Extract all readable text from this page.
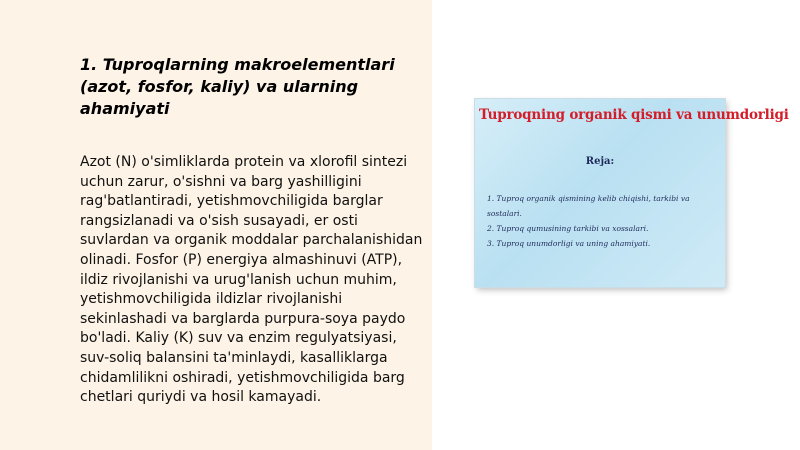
1. Tuproqlarning makroelementlari (azot, fosfor, kaliy) va ularning ahamiyati

Azot (N) o'simliklarda protein va xlorofil sintezi uchun zarur, o'sishni va barg yashilligini rag'batlantiradi, yetishmovchiligida barglar rangsizlanadi va o'sish susayadi, er osti suvlardan va organik moddalar parchalanishidan olinadi. Fosfor (P) energiya almashinuvi (ATP), ildiz rivojlanishi va urug'lanish uchun muhim, yetishmovchiligida ildizlar rivojlanishi sekinlashadi va barglarda purpura-soya paydo bo'ladi. Kaliy (K) suv va enzim regulyatsiyasi, suv-soliq balansini ta'minlaydi, kasalliklarga chidamlilikni oshiradi, yetishmovchiligida barg chetlari quriydi va hosil kamayadi.

Tuproqning organik qismi va unumdorligi

Reja:

1. Tuproq organik qismining kelib chiqishi, tarkibi va
sostalari.
2. Tuproq qumusining tarkibi va xossalari.
3. Tuproq unumdorligi va uning ahamiyati.
